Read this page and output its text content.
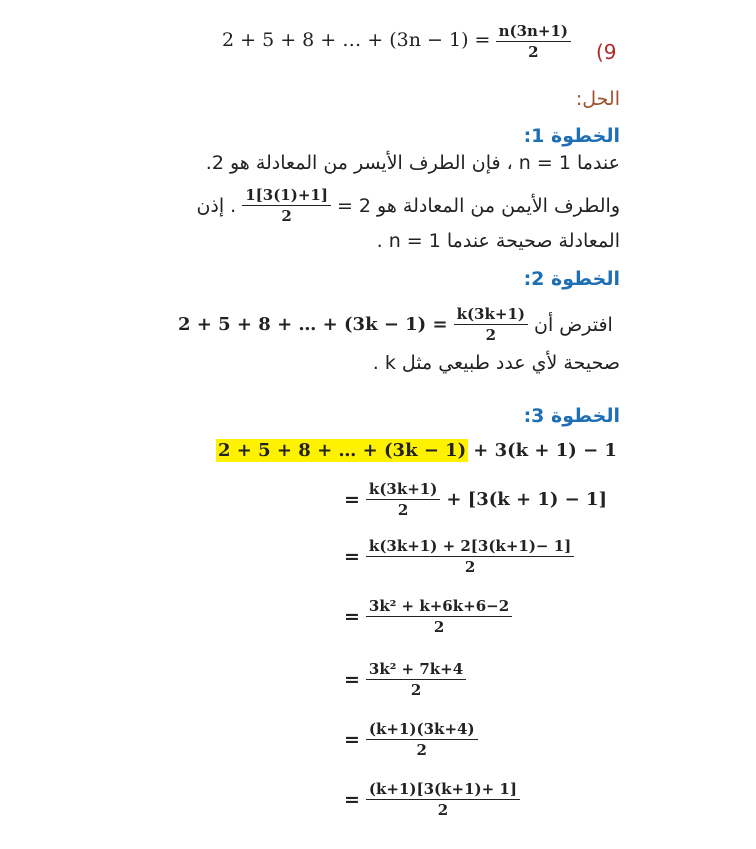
2 + 5 + 8 + … + $(3n - 1) = \frac{n(3n+1)}{2} (9$
الحل:
الخطوة 1:
عندما n = 1 ، فإن الطرف الأيسر من المعادلة هو 2.
والطرف الأيمن من المعادلة هو 2 =
$\frac{1[3(1)+1]}{2}$
. إذن
المعادلة صحيحة عندما n = 1 .
الخطوة 2:
2 + 5 + 8 + … + $(3k - 1) = \frac{k(3k+1)}{2}$ افترض أن
صحيحة لأي عدد طبيعي مثل k .
الخطوة 3:
2 + 5 + 8 + … + (3k − 1) + 3(k + 1) − 1
= $\frac{k(3k+1)}{2} + [3(k + 1) - 1]$
= $\frac{k(3k+1) + 2[3(k+1)- 1]}{2}$
= $\frac{\text{3k² + k+6k+6−2}}{2}$
= $\frac{\text{3k² + 7k+4}}{2}$
= $\frac{(k+1)(3k+4)}{2}$
= $\frac{(k+1)[3(k+1)+ 1]}{2}$
